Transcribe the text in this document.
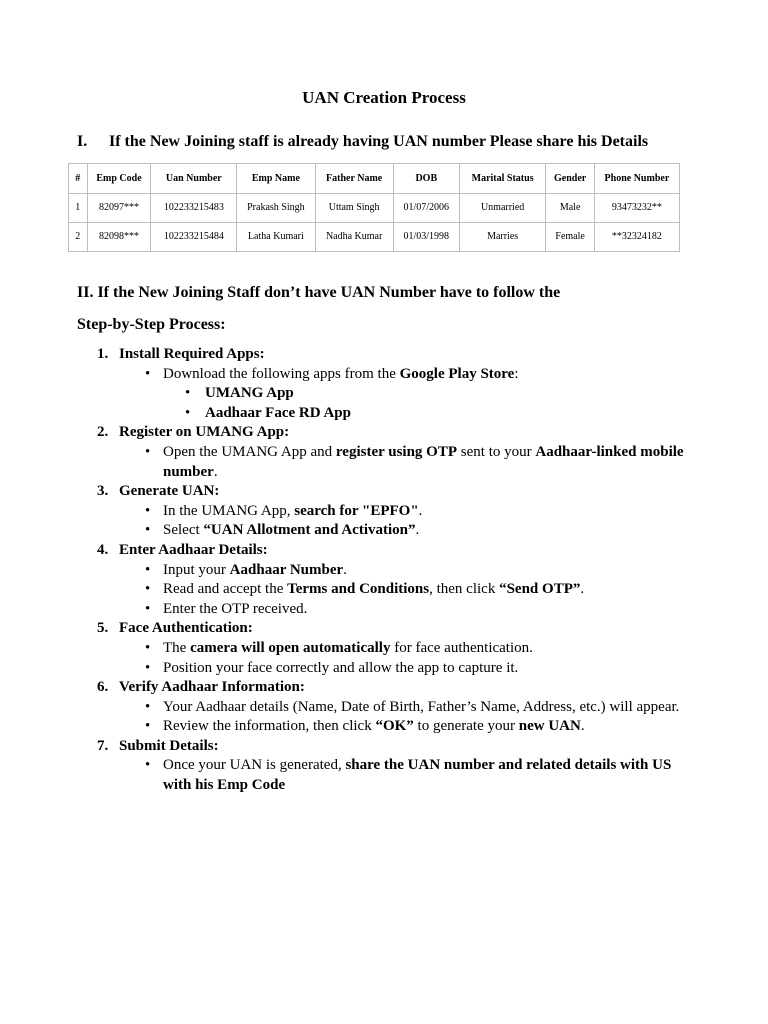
UAN Creation Process
I. If the New Joining staff is already having UAN number Please share his Details
#	Emp Code	Uan Number	Emp Name	Father Name	DOB	Marital Status	Gender	Phone Number
1	82097***	102233215483	Prakash Singh	Uttam Singh	01/07/2006	Unmarried	Male	93473232**
2	82098***	102233215484	Latha Kumari	Nadha Kumar	01/03/1998	Marries	Female	**32324182
II. If the New Joining Staff don’t have UAN Number have to follow the
Step-by-Step Process:
1. Install Required Apps:
• Download the following apps from the Google Play Store:
• UMANG App
• Aadhaar Face RD App
2. Register on UMANG App:
• Open the UMANG App and register using OTP sent to your Aadhaar-linked mobile number.
3. Generate UAN:
• In the UMANG App, search for "EPFO".
• Select “UAN Allotment and Activation”.
4. Enter Aadhaar Details:
• Input your Aadhaar Number.
• Read and accept the Terms and Conditions, then click “Send OTP”.
• Enter the OTP received.
5. Face Authentication:
• The camera will open automatically for face authentication.
• Position your face correctly and allow the app to capture it.
6. Verify Aadhaar Information:
• Your Aadhaar details (Name, Date of Birth, Father’s Name, Address, etc.) will appear.
• Review the information, then click “OK” to generate your new UAN.
7. Submit Details:
• Once your UAN is generated, share the UAN number and related details with US with his Emp Code
